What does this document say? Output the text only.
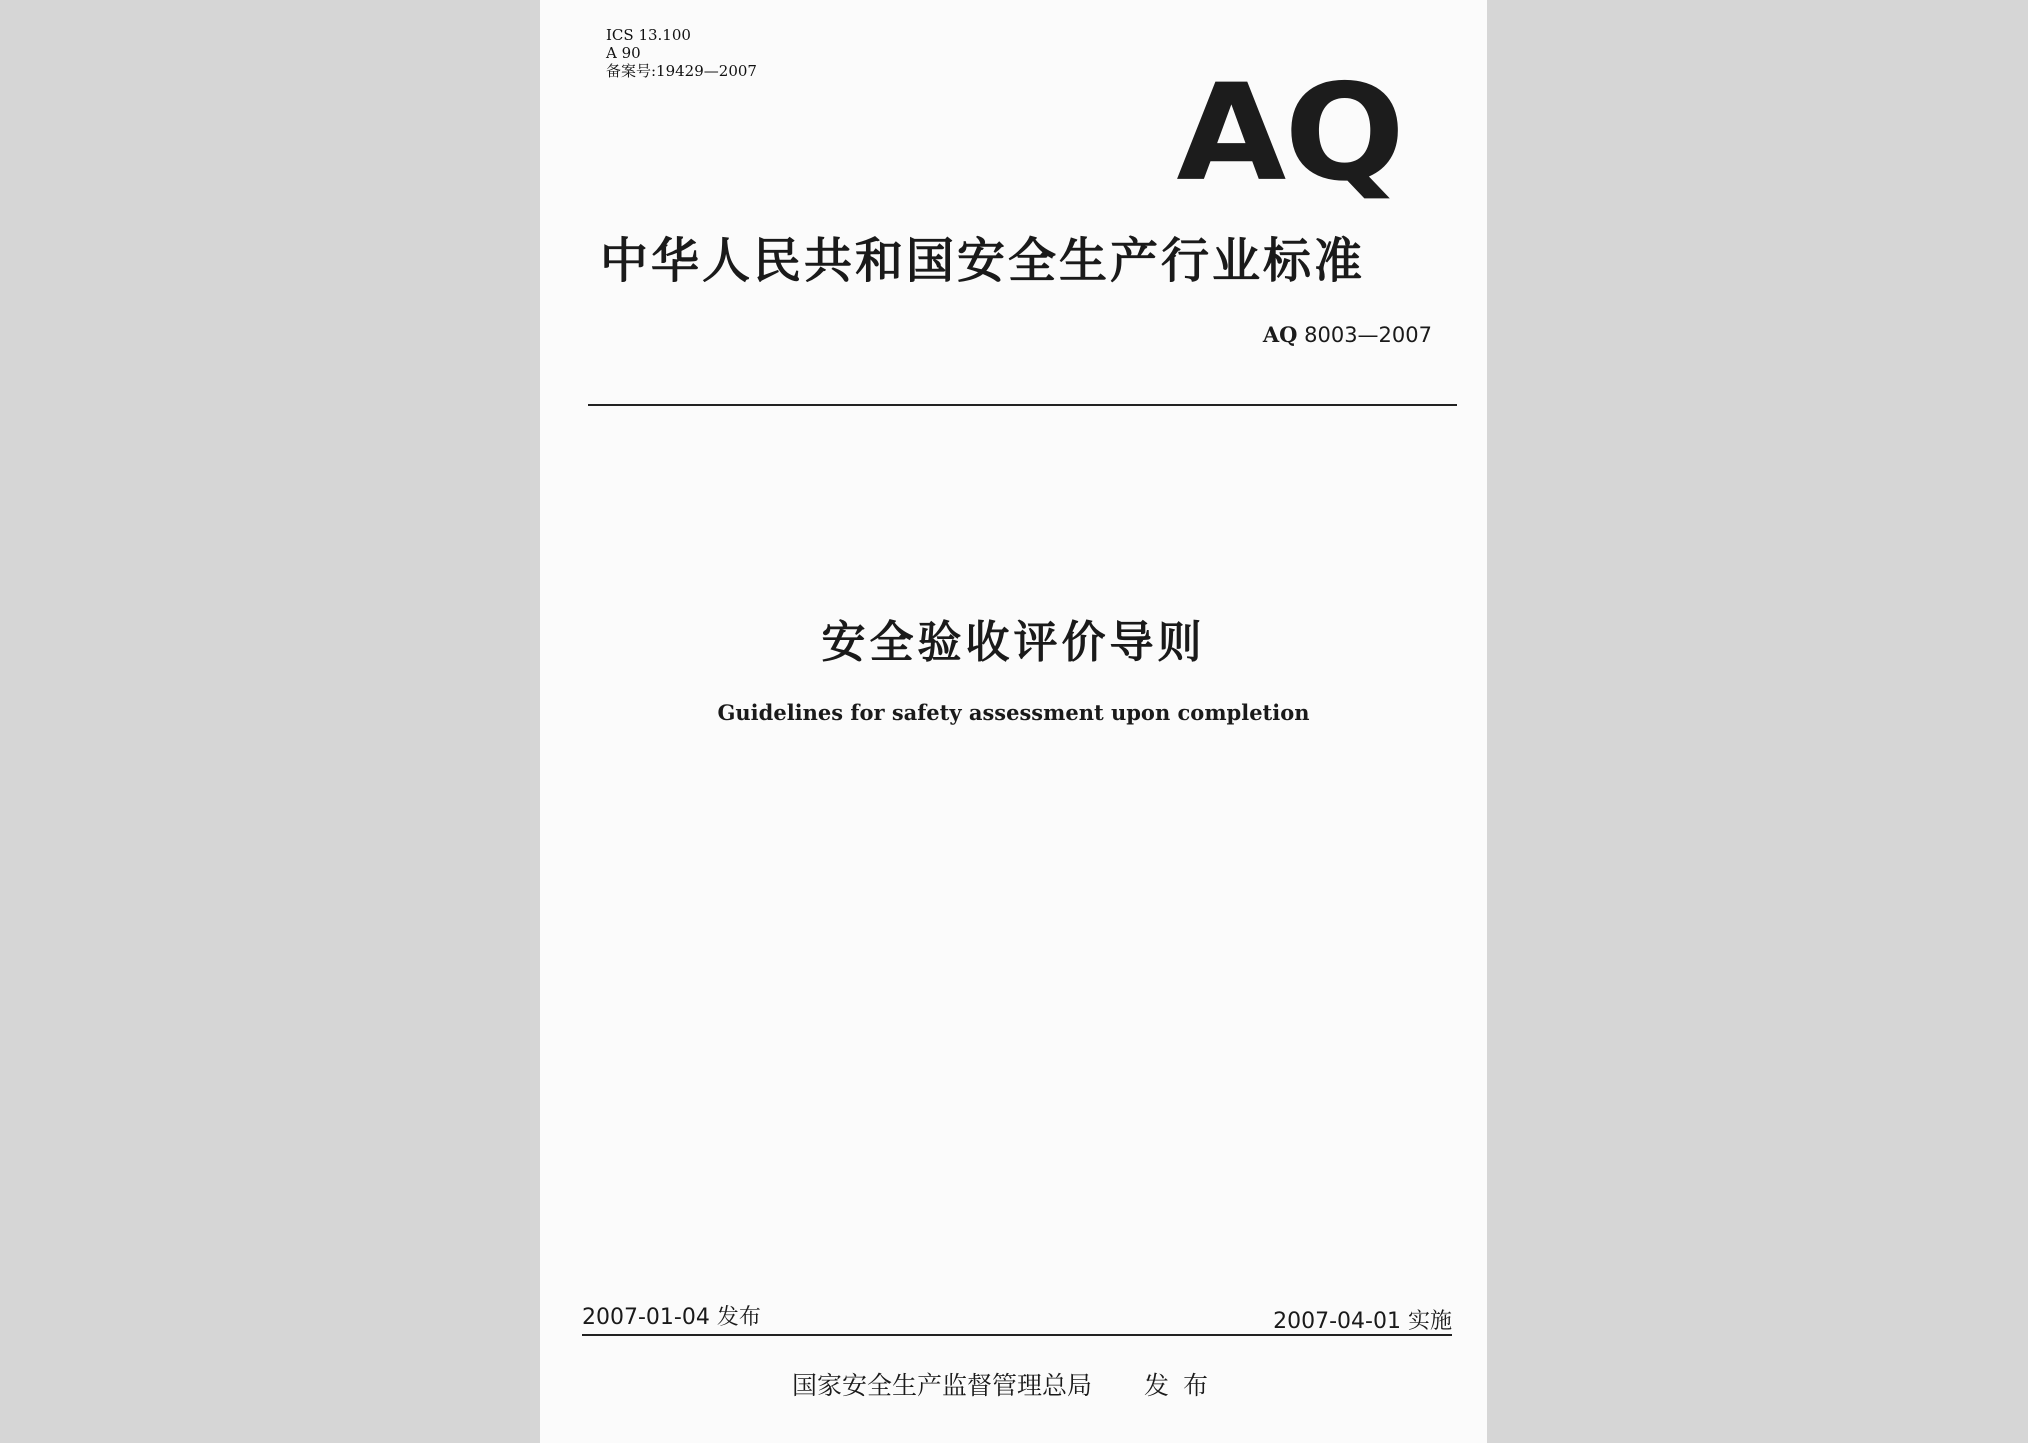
ICS 13.100
A 90
备案号:19429—2007	AQ
中华人民共和国安全生产行业标准
AQ 8003—2007
安全验收评价导则
Guidelines for safety assessment upon completion
2007-01-04 发布	2007-04-01 实施
国家安全生产监督管理总局 发布
